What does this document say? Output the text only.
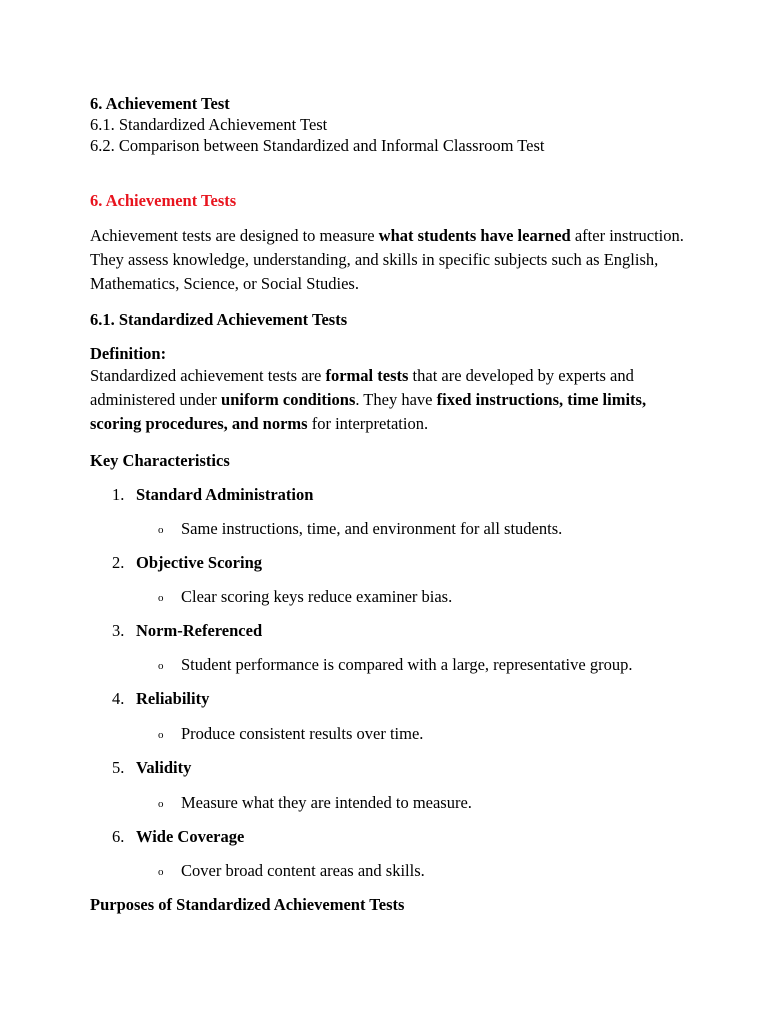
6. Achievement Test
6.1. Standardized Achievement Test
6.2. Comparison between Standardized and Informal Classroom Test
6. Achievement Tests

Achievement tests are designed to measure what students have learned after instruction. They assess knowledge, understanding, and skills in specific subjects such as English, Mathematics, Science, or Social Studies.

6.1. Standardized Achievement Tests
Definition:

Standardized achievement tests are formal tests that are developed by experts and administered under uniform conditions. They have fixed instructions, time limits, scoring procedures, and norms for interpretation.

Key Characteristics
1. Standard Administration
o Same instructions, time, and environment for all students.
2. Objective Scoring
o Clear scoring keys reduce examiner bias.
3. Norm-Referenced
o Student performance is compared with a large, representative group.
4. Reliability
o Produce consistent results over time.
5. Validity
o Measure what they are intended to measure.
6. Wide Coverage
o Cover broad content areas and skills.
Purposes of Standardized Achievement Tests
